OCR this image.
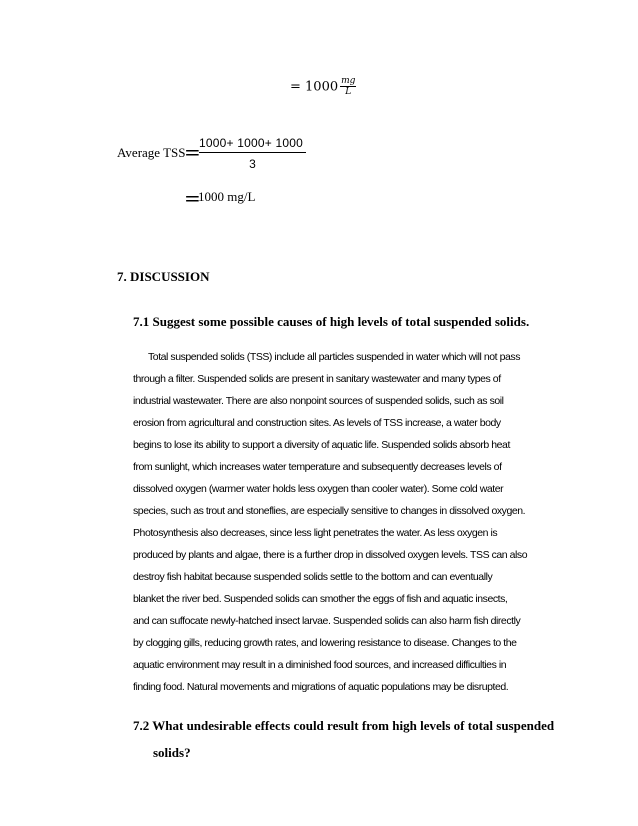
= $1000 \frac{mg}{L}$
Average TSS
=
$\frac{1000+ 1000+ 1000}{3}$
=
1000 mg/L
7. DISCUSSION
7.1 Suggest some possible causes of high levels of total suspended solids.
Total suspended solids (TSS) include all particles suspended in water which will not pass
through a filter. Suspended solids are present in sanitary wastewater and many types of
industrial wastewater. There are also nonpoint sources of suspended solids, such as soil
erosion from agricultural and construction sites. As levels of TSS increase, a water body
begins to lose its ability to support a diversity of aquatic life. Suspended solids absorb heat
from sunlight, which increases water temperature and subsequently decreases levels of
dissolved oxygen (warmer water holds less oxygen than cooler water). Some cold water
species, such as trout and stoneflies, are especially sensitive to changes in dissolved oxygen.
Photosynthesis also decreases, since less light penetrates the water. As less oxygen is
produced by plants and algae, there is a further drop in dissolved oxygen levels. TSS can also
destroy fish habitat because suspended solids settle to the bottom and can eventually
blanket the river bed. Suspended solids can smother the eggs of fish and aquatic insects,
and can suffocate newly-hatched insect larvae. Suspended solids can also harm fish directly
by clogging gills, reducing growth rates, and lowering resistance to disease. Changes to the
aquatic environment may result in a diminished food sources, and increased difficulties in
finding food. Natural movements and migrations of aquatic populations may be disrupted.
7.2 What undesirable effects could result from high levels of total suspended
solids?
